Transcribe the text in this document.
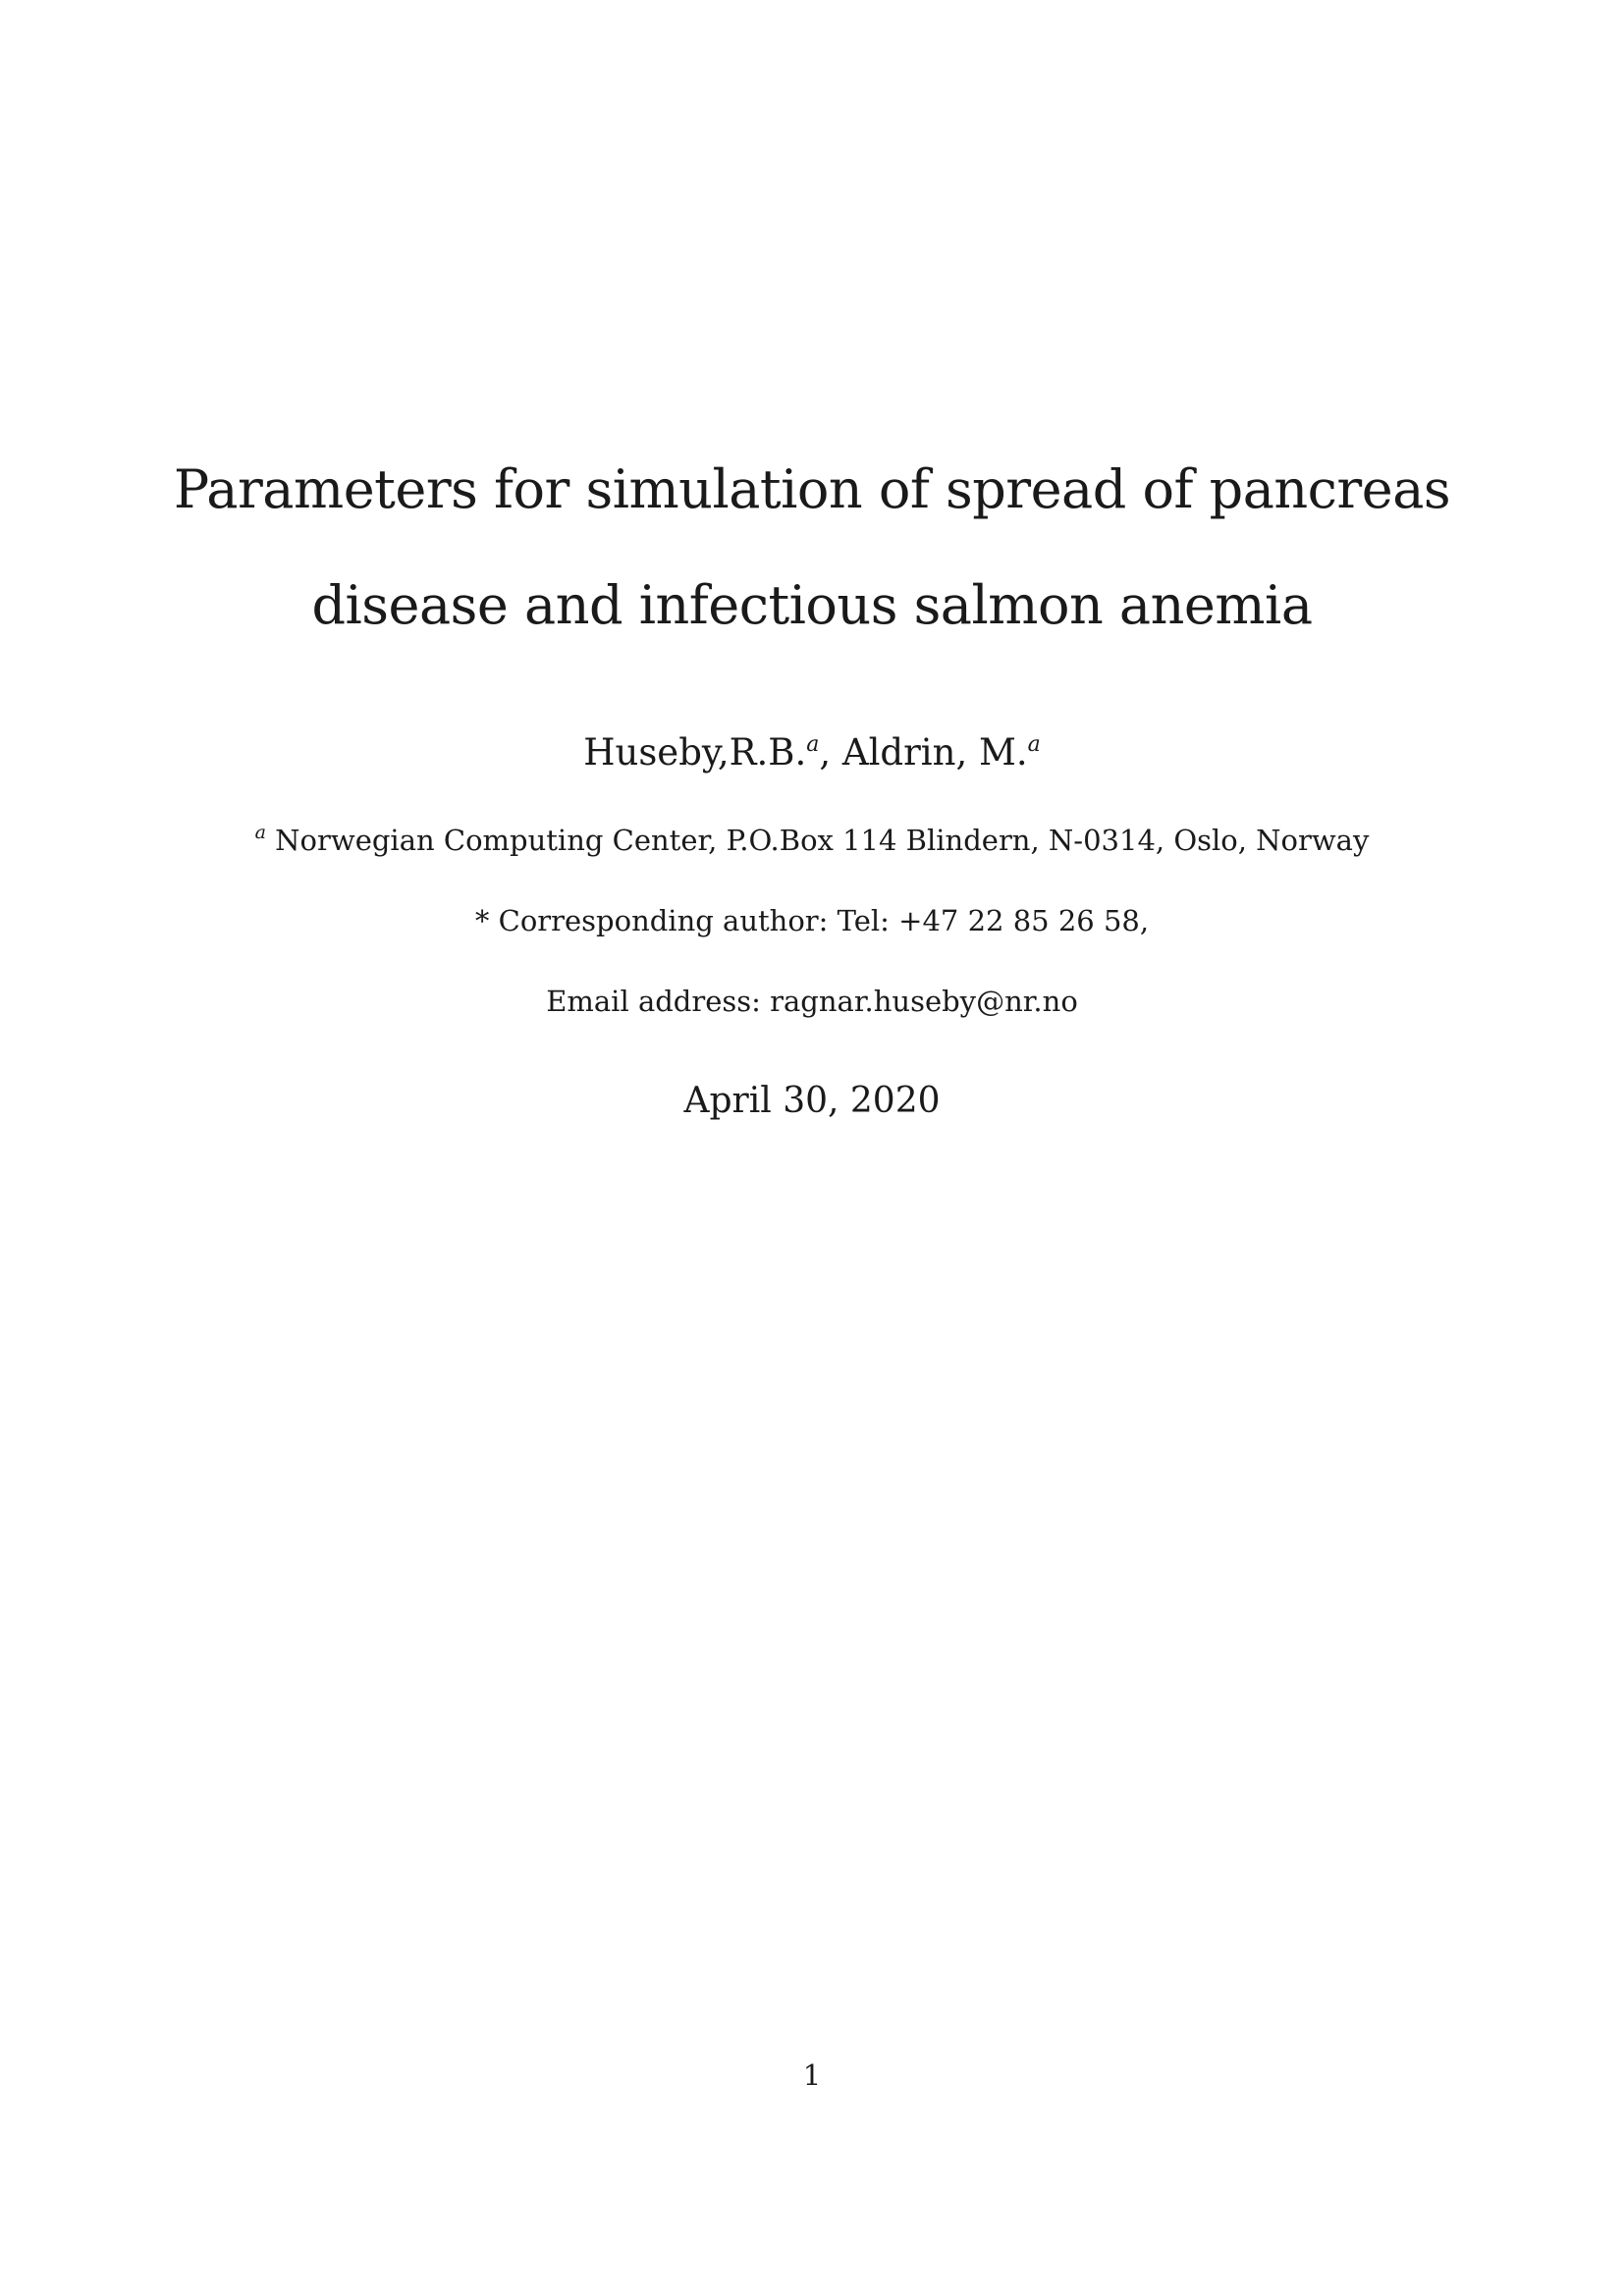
Parameters for simulation of spread of pancreas
disease and infectious salmon anemia
Huseby,R.B.$^a$, Aldrin, M.$^a$
$^a$ Norwegian Computing Center, P.O.Box 114 Blindern, N-0314, Oslo, Norway
* Corresponding author: Tel: +47 22 85 26 58,
Email address: ragnar.huseby@nr.no
April 30, 2020
1
